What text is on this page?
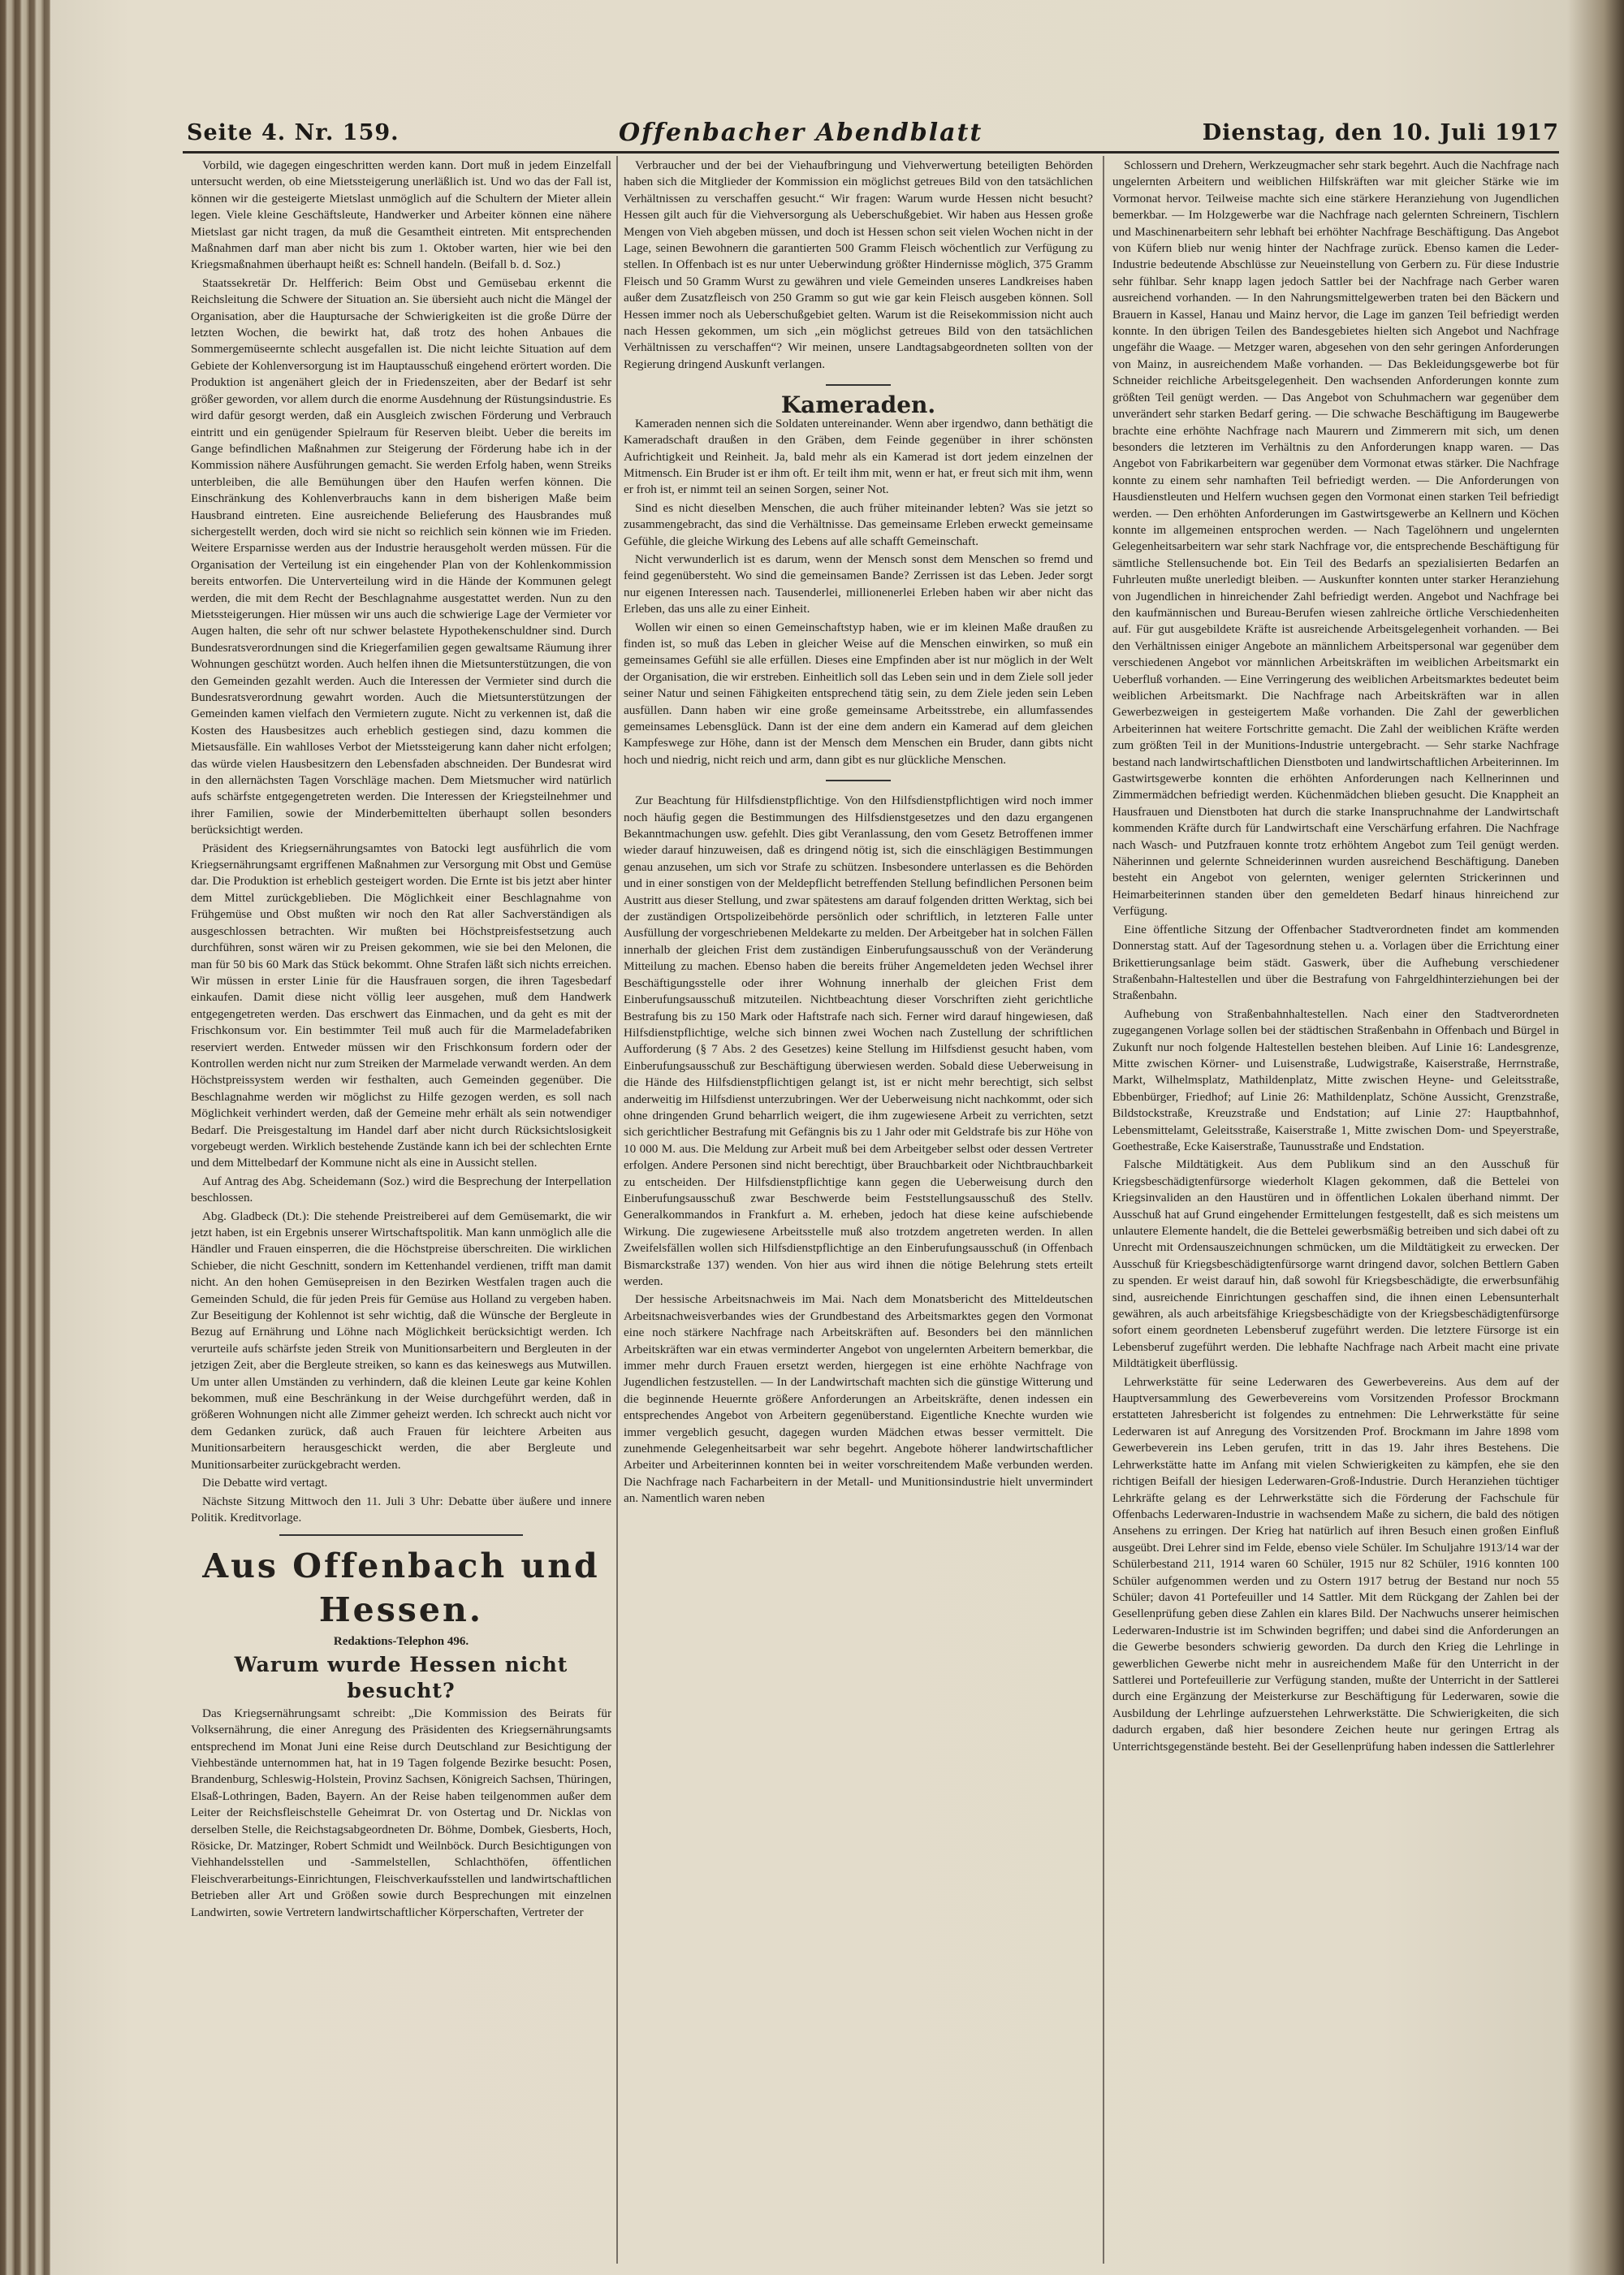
Seite 4. Nr. 159.	Offenbacher Abendblatt	Dienstag, den 10. Juli 1917

Vorbild, wie dagegen eingeschritten werden kann. Dort muß in jedem Einzelfall untersucht werden, ob eine Mietssteigerung unerläßlich ist. Und wo das der Fall ist, können wir die gesteigerte Mietslast unmöglich auf die Schultern der Mieter allein legen. Viele kleine Geschäftsleute, Handwerker und Arbeiter können eine nähere Mietslast gar nicht tragen, da muß die Gesamtheit eintreten. Mit entsprechenden Maßnahmen darf man aber nicht bis zum 1. Oktober warten, hier wie bei den Kriegsmaßnahmen überhaupt heißt es: Schnell handeln. (Beifall b. d. Soz.)

Staatssekretär Dr. Helfferich: Beim Obst und Gemüsebau erkennt die Reichsleitung die Schwere der Situation an. Sie übersieht auch nicht die Mängel der Organisation, aber die Hauptursache der Schwierigkeiten ist die große Dürre der letzten Wochen, die bewirkt hat, daß trotz des hohen Anbaues die Sommergemüseernte schlecht ausgefallen ist. Die nicht leichte Situation auf dem Gebiete der Kohlenversorgung ist im Hauptausschuß eingehend erörtert worden. Die Produktion ist angenähert gleich der in Friedenszeiten, aber der Bedarf ist sehr größer geworden, vor allem durch die enorme Ausdehnung der Rüstungsindustrie. Es wird dafür gesorgt werden, daß ein Ausgleich zwischen Förderung und Verbrauch eintritt und ein genügender Spielraum für Reserven bleibt. Ueber die bereits im Gange befindlichen Maßnahmen zur Steigerung der Förderung habe ich in der Kommission nähere Ausführungen gemacht. Sie werden Erfolg haben, wenn Streiks unterbleiben, die alle Bemühungen über den Haufen werfen können. Die Einschränkung des Kohlenverbrauchs kann in dem bisherigen Maße beim Hausbrand eintreten. Eine ausreichende Belieferung des Hausbrandes muß sichergestellt werden, doch wird sie nicht so reichlich sein können wie im Frieden. Weitere Ersparnisse werden aus der Industrie herausgeholt werden müssen. Für die Organisation der Verteilung ist ein eingehender Plan von der Kohlenkommission bereits entworfen. Die Unterverteilung wird in die Hände der Kommunen gelegt werden, die mit dem Recht der Beschlagnahme ausgestattet werden. Nun zu den Mietssteigerungen. Hier müssen wir uns auch die schwierige Lage der Vermieter vor Augen halten, die sehr oft nur schwer belastete Hypothekenschuldner sind. Durch Bundesratsverordnungen sind die Kriegerfamilien gegen gewaltsame Räumung ihrer Wohnungen geschützt worden. Auch helfen ihnen die Mietsunterstützungen, die von den Gemeinden gezahlt werden. Auch die Interessen der Vermieter sind durch die Bundesratsverordnung gewahrt worden. Auch die Mietsunterstützungen der Gemeinden kamen vielfach den Vermietern zugute. Nicht zu verkennen ist, daß die Kosten des Hausbesitzes auch erheblich gestiegen sind, dazu kommen die Mietsausfälle. Ein wahlloses Verbot der Mietssteigerung kann daher nicht erfolgen; das würde vielen Hausbesitzern den Lebensfaden abschneiden. Der Bundesrat wird in den allernächsten Tagen Vorschläge machen. Dem Mietsmucher wird natürlich aufs schärfste entgegengetreten werden. Die Interessen der Kriegsteilnehmer und ihrer Familien, sowie der Minderbemittelten überhaupt sollen besonders berücksichtigt werden.

Präsident des Kriegsernährungsamtes von Batocki legt ausführlich die vom Kriegsernährungsamt ergriffenen Maßnahmen zur Versorgung mit Obst und Gemüse dar. Die Produktion ist erheblich gesteigert worden. Die Ernte ist bis jetzt aber hinter dem Mittel zurückgeblieben. Die Möglichkeit einer Beschlagnahme von Frühgemüse und Obst mußten wir noch den Rat aller Sachverständigen als ausgeschlossen betrachten. Wir mußten bei Höchstpreisfestsetzung auch durchführen, sonst wären wir zu Preisen gekommen, wie sie bei den Melonen, die man für 50 bis 60 Mark das Stück bekommt. Ohne Strafen läßt sich nichts erreichen. Wir müssen in erster Linie für die Hausfrauen sorgen, die ihren Tagesbedarf einkaufen. Damit diese nicht völlig leer ausgehen, muß dem Handwerk entgegengetreten werden. Das erschwert das Einmachen, und da geht es mit der Frischkonsum vor. Ein bestimmter Teil muß auch für die Marmeladefabriken reserviert werden. Entweder müssen wir den Frischkonsum fordern oder der Kontrollen werden nicht nur zum Streiken der Marmelade verwandt werden. An dem Höchstpreissystem werden wir festhalten, auch Gemeinden gegenüber. Die Beschlagnahme werden wir möglichst zu Hilfe gezogen werden, es soll nach Möglichkeit verhindert werden, daß der Gemeine mehr erhält als sein notwendiger Bedarf. Die Preisgestaltung im Handel darf aber nicht durch Rücksichtslosigkeit vorgebeugt werden. Wirklich bestehende Zustände kann ich bei der schlechten Ernte und dem Mittelbedarf der Kommune nicht als eine in Aussicht stellen.

Auf Antrag des Abg. Scheidemann (Soz.) wird die Besprechung der Interpellation beschlossen.

Abg. Gladbeck (Dt.): Die stehende Preistreiberei auf dem Gemüsemarkt, die wir jetzt haben, ist ein Ergebnis unserer Wirtschaftspolitik. Man kann unmöglich alle die Händler und Frauen einsperren, die die Höchstpreise überschreiten. Die wirklichen Schieber, die nicht Geschnitt, sondern im Kettenhandel verdienen, trifft man damit nicht. An den hohen Gemüsepreisen in den Bezirken Westfalen tragen auch die Gemeinden Schuld, die für jeden Preis für Gemüse aus Holland zu vergeben haben. Zur Beseitigung der Kohlennot ist sehr wichtig, daß die Wünsche der Bergleute in Bezug auf Ernährung und Löhne nach Möglichkeit berücksichtigt werden. Ich verurteile aufs schärfste jeden Streik von Munitionsarbeitern und Bergleuten in der jetzigen Zeit, aber die Bergleute streiken, so kann es das keineswegs aus Mutwillen. Um unter allen Umständen zu verhindern, daß die kleinen Leute gar keine Kohlen bekommen, muß eine Beschränkung in der Weise durchgeführt werden, daß in größeren Wohnungen nicht alle Zimmer geheizt werden. Ich schreckt auch nicht vor dem Gedanken zurück, daß auch Frauen für leichtere Arbeiten aus Munitionsarbeitern herausgeschickt werden, die aber Bergleute und Munitionsarbeiter zurückgebracht werden.

Die Debatte wird vertagt.

Nächste Sitzung Mittwoch den 11. Juli 3 Uhr: Debatte über äußere und innere Politik. Kreditvorlage.

Aus Offenbach und Hessen.

Redaktions-Telephon 496.

Warum wurde Hessen nicht besucht?

Das Kriegsernährungsamt schreibt: „Die Kommission des Beirats für Volksernährung, die einer Anregung des Präsidenten des Kriegsernährungsamts entsprechend im Monat Juni eine Reise durch Deutschland zur Besichtigung der Viehbestände unternommen hat, hat in 19 Tagen folgende Bezirke besucht: Posen, Brandenburg, Schleswig-Holstein, Provinz Sachsen, Königreich Sachsen, Thüringen, Elsaß-Lothringen, Baden, Bayern. An der Reise haben teilgenommen außer dem Leiter der Reichsfleischstelle Geheimrat Dr. von Ostertag und Dr. Nicklas von derselben Stelle, die Reichstagsabgeordneten Dr. Böhme, Dombek, Giesberts, Hoch, Rösicke, Dr. Matzinger, Robert Schmidt und Weilnböck. Durch Besichtigungen von Viehhandelsstellen und -Sammelstellen, Schlachthöfen, öffentlichen Fleischverarbeitungs-Einrichtungen, Fleischverkaufsstellen und landwirtschaftlichen Betrieben aller Art und Größen sowie durch Besprechungen mit einzelnen Landwirten, sowie Vertretern landwirtschaftlicher Körperschaften, Vertreter der

Verbraucher und der bei der Viehaufbringung und Viehverwertung beteiligten Behörden haben sich die Mitglieder der Kommission ein möglichst getreues Bild von den tatsächlichen Verhältnissen zu verschaffen gesucht.“ Wir fragen: Warum wurde Hessen nicht besucht? Hessen gilt auch für die Viehversorgung als Ueberschußgebiet. Wir haben aus Hessen große Mengen von Vieh abgeben müssen, und doch ist Hessen schon seit vielen Wochen nicht in der Lage, seinen Bewohnern die garantierten 500 Gramm Fleisch wöchentlich zur Verfügung zu stellen. In Offenbach ist es nur unter Ueberwindung größter Hindernisse möglich, 375 Gramm Fleisch und 50 Gramm Wurst zu gewähren und viele Gemeinden unseres Landkreises haben außer dem Zusatzfleisch von 250 Gramm so gut wie gar kein Fleisch ausgeben können. Soll Hessen immer noch als Ueberschußgebiet gelten. Warum ist die Reisekommission nicht auch nach Hessen gekommen, um sich „ein möglichst getreues Bild von den tatsächlichen Verhältnissen zu verschaffen“? Wir meinen, unsere Landtagsabgeordneten sollten von der Regierung dringend Auskunft verlangen.

Kameraden.

Kameraden nennen sich die Soldaten untereinander. Wenn aber irgendwo, dann bethätigt die Kameradschaft draußen in den Gräben, dem Feinde gegenüber in ihrer schönsten Aufrichtigkeit und Reinheit. Ja, bald mehr als ein Kamerad ist dort jedem einzelnen der Mitmensch. Ein Bruder ist er ihm oft. Er teilt ihm mit, wenn er hat, er freut sich mit ihm, wenn er froh ist, er nimmt teil an seinen Sorgen, seiner Not.

Sind es nicht dieselben Menschen, die auch früher miteinander lebten? Was sie jetzt so zusammengebracht, das sind die Verhältnisse. Das gemeinsame Erleben erweckt gemeinsame Gefühle, die gleiche Wirkung des Lebens auf alle schafft Gemeinschaft.

Nicht verwunderlich ist es darum, wenn der Mensch sonst dem Menschen so fremd und feind gegenübersteht. Wo sind die gemeinsamen Bande? Zerrissen ist das Leben. Jeder sorgt nur eigenen Interessen nach. Tausenderlei, millionenerlei Erleben haben wir aber nicht das Erleben, das uns alle zu einer Einheit.

Wollen wir einen so einen Gemeinschaftstyp haben, wie er im kleinen Maße draußen zu finden ist, so muß das Leben in gleicher Weise auf die Menschen einwirken, so muß ein gemeinsames Gefühl sie alle erfüllen. Dieses eine Empfinden aber ist nur möglich in der Welt der Organisation, die wir erstreben. Einheitlich soll das Leben sein und in dem Ziele soll jeder seiner Natur und seinen Fähigkeiten entsprechend tätig sein, zu dem Ziele jeden sein Leben ausfüllen. Dann haben wir eine große gemeinsame Arbeitsstrebe, ein allumfassendes gemeinsames Lebensglück. Dann ist der eine dem andern ein Kamerad auf dem gleichen Kampfeswege zur Höhe, dann ist der Mensch dem Menschen ein Bruder, dann gibts nicht hoch und niedrig, nicht reich und arm, dann gibt es nur glückliche Menschen.

Zur Beachtung für Hilfsdienstpflichtige. Von den Hilfsdienstpflichtigen wird noch immer noch häufig gegen die Bestimmungen des Hilfsdienstgesetzes und den dazu ergangenen Bekanntmachungen usw. gefehlt. Dies gibt Veranlassung, den vom Gesetz Betroffenen immer wieder darauf hinzuweisen, daß es dringend nötig ist, sich die einschlägigen Bestimmungen genau anzusehen, um sich vor Strafe zu schützen. Insbesondere unterlassen es die Behörden und in einer sonstigen von der Meldepflicht betreffenden Stellung befindlichen Personen beim Austritt aus dieser Stellung, und zwar spätestens am darauf folgenden dritten Werktag, sich bei der zuständigen Ortspolizeibehörde persönlich oder schriftlich, in letzteren Falle unter Ausfüllung der vorgeschriebenen Meldekarte zu melden. Der Arbeitgeber hat in solchen Fällen innerhalb der gleichen Frist dem zuständigen Einberufungsausschuß von der Veränderung Mitteilung zu machen. Ebenso haben die bereits früher Angemeldeten jeden Wechsel ihrer Beschäftigungsstelle oder ihrer Wohnung innerhalb der gleichen Frist dem Einberufungsausschuß mitzuteilen. Nichtbeachtung dieser Vorschriften zieht gerichtliche Bestrafung bis zu 150 Mark oder Haftstrafe nach sich. Ferner wird darauf hingewiesen, daß Hilfsdienstpflichtige, welche sich binnen zwei Wochen nach Zustellung der schriftlichen Aufforderung (§ 7 Abs. 2 des Gesetzes) keine Stellung im Hilfsdienst gesucht haben, vom Einberufungsausschuß zur Beschäftigung überwiesen werden. Sobald diese Ueberweisung in die Hände des Hilfsdienstpflichtigen gelangt ist, ist er nicht mehr berechtigt, sich selbst anderweitig im Hilfsdienst unterzubringen. Wer der Ueberweisung nicht nachkommt, oder sich ohne dringenden Grund beharrlich weigert, die ihm zugewiesene Arbeit zu verrichten, setzt sich gerichtlicher Bestrafung mit Gefängnis bis zu 1 Jahr oder mit Geldstrafe bis zur Höhe von 10 000 M. aus. Die Meldung zur Arbeit muß bei dem Arbeitgeber selbst oder dessen Vertreter erfolgen. Andere Personen sind nicht berechtigt, über Brauchbarkeit oder Nichtbrauchbarkeit zu entscheiden. Der Hilfsdienstpflichtige kann gegen die Ueberweisung durch den Einberufungsausschuß zwar Beschwerde beim Feststellungsausschuß des Stellv. Generalkommandos in Frankfurt a. M. erheben, jedoch hat diese keine aufschiebende Wirkung. Die zugewiesene Arbeitsstelle muß also trotzdem angetreten werden. In allen Zweifelsfällen wollen sich Hilfsdienstpflichtige an den Einberufungsausschuß (in Offenbach Bismarckstraße 137) wenden. Von hier aus wird ihnen die nötige Belehrung stets erteilt werden.

Der hessische Arbeitsnachweis im Mai. Nach dem Monatsbericht des Mitteldeutschen Arbeitsnachweisverbandes wies der Grundbestand des Arbeitsmarktes gegen den Vormonat eine noch stärkere Nachfrage nach Arbeitskräften auf. Besonders bei den männlichen Arbeitskräften war ein etwas verminderter Angebot von ungelernten Arbeitern bemerkbar, die immer mehr durch Frauen ersetzt werden, hiergegen ist eine erhöhte Nachfrage von Jugendlichen festzustellen. — In der Landwirtschaft machten sich die günstige Witterung und die beginnende Heuernte größere Anforderungen an Arbeitskräfte, denen indessen ein entsprechendes Angebot von Arbeitern gegenüberstand. Eigentliche Knechte wurden wie immer vergeblich gesucht, dagegen wurden Mädchen etwas besser vermittelt. Die zunehmende Gelegenheitsarbeit war sehr begehrt. Angebote höherer landwirtschaftlicher Arbeiter und Arbeiterinnen konnten bei in weiter vorschreitendem Maße verbunden werden. Die Nachfrage nach Facharbeitern in der Metall- und Munitionsindustrie hielt unvermindert an. Namentlich waren neben

Schlossern und Drehern, Werkzeugmacher sehr stark begehrt. Auch die Nachfrage nach ungelernten Arbeitern und weiblichen Hilfskräften war mit gleicher Stärke wie im Vormonat hervor. Teilweise machte sich eine stärkere Heranziehung von Jugendlichen bemerkbar. — Im Holzgewerbe war die Nachfrage nach gelernten Schreinern, Tischlern und Maschinenarbeitern sehr lebhaft bei erhöhter Nachfrage Beschäftigung. Das Angebot von Küfern blieb nur wenig hinter der Nachfrage zurück. Ebenso kamen die Leder-Industrie bedeutende Abschlüsse zur Neueinstellung von Gerbern zu. Für diese Industrie sehr fühlbar. Sehr knapp lagen jedoch Sattler bei der Nachfrage nach Gerber waren ausreichend vorhanden. — In den Nahrungsmittelgewerben traten bei den Bäckern und Brauern in Kassel, Hanau und Mainz hervor, die Lage im ganzen Teil befriedigt werden konnte. In den übrigen Teilen des Bandesgebietes hielten sich Angebot und Nachfrage ungefähr die Waage. — Metzger waren, abgesehen von den sehr geringen Anforderungen von Mainz, in ausreichendem Maße vorhanden. — Das Bekleidungsgewerbe bot für Schneider reichliche Arbeitsgelegenheit. Den wachsenden Anforderungen konnte zum größten Teil genügt werden. — Das Angebot von Schuhmachern war gegenüber dem unverändert sehr starken Bedarf gering. — Die schwache Beschäftigung im Baugewerbe brachte eine erhöhte Nachfrage nach Maurern und Zimmerern mit sich, um denen besonders die letzteren im Verhältnis zu den Anforderungen knapp waren. — Das Angebot von Fabrikarbeitern war gegenüber dem Vormonat etwas stärker. Die Nachfrage konnte zu einem sehr namhaften Teil befriedigt werden. — Die Anforderungen von Hausdienstleuten und Helfern wuchsen gegen den Vormonat einen starken Teil befriedigt werden. — Den erhöhten Anforderungen im Gastwirtsgewerbe an Kellnern und Köchen konnte im allgemeinen entsprochen werden. — Nach Tagelöhnern und ungelernten Gelegenheitsarbeitern war sehr stark Nachfrage vor, die entsprechende Beschäftigung für sämtliche Stellensuchende bot. Ein Teil des Bedarfs an spezialisierten Bedarfen an Fuhrleuten mußte unerledigt bleiben. — Auskunfter konnten unter starker Heranziehung von Jugendlichen in hinreichender Zahl befriedigt werden. Angebot und Nachfrage bei den kaufmännischen und Bureau-Berufen wiesen zahlreiche örtliche Verschiedenheiten auf. Für gut ausgebildete Kräfte ist ausreichende Arbeitsgelegenheit vorhanden. — Bei den Verhältnissen einiger Angebote an männlichem Arbeitspersonal war gegenüber dem verschiedenen Angebot vor männlichen Arbeitskräften im weiblichen Arbeitsmarkt ein Ueberfluß vorhanden. — Eine Verringerung des weiblichen Arbeitsmarktes bedeutet beim weiblichen Arbeitsmarkt. Die Nachfrage nach Arbeitskräften war in allen Gewerbezweigen in gesteigertem Maße vorhanden. Die Zahl der gewerblichen Arbeiterinnen hat weitere Fortschritte gemacht. Die Zahl der weiblichen Kräfte werden zum größten Teil in der Munitions-Industrie untergebracht. — Sehr starke Nachfrage bestand nach landwirtschaftlichen Dienstboten und landwirtschaftlichen Arbeiterinnen. Im Gastwirtsgewerbe konnten die erhöhten Anforderungen nach Kellnerinnen und Zimmermädchen befriedigt werden. Küchenmädchen blieben gesucht. Die Knappheit an Hausfrauen und Dienstboten hat durch die starke Inanspruchnahme der Landwirtschaft kommenden Kräfte durch für Landwirtschaft eine Verschärfung erfahren. Die Nachfrage nach Wasch- und Putzfrauen konnte trotz erhöhtem Angebot zum Teil genügt werden. Näherinnen und gelernte Schneiderinnen wurden ausreichend Beschäftigung. Daneben besteht ein Angebot von gelernten, weniger gelernten Strickerinnen und Heimarbeiterinnen standen über den gemeldeten Bedarf hinaus hinreichend zur Verfügung.

Eine öffentliche Sitzung der Offenbacher Stadtverordneten findet am kommenden Donnerstag statt. Auf der Tagesordnung stehen u. a. Vorlagen über die Errichtung einer Brikettierungsanlage beim städt. Gaswerk, über die Aufhebung verschiedener Straßenbahn-Haltestellen und über die Bestrafung von Fahrgeldhinterziehungen bei der Straßenbahn.

Aufhebung von Straßenbahnhaltestellen. Nach einer den Stadtverordneten zugegangenen Vorlage sollen bei der städtischen Straßenbahn in Offenbach und Bürgel in Zukunft nur noch folgende Haltestellen bestehen bleiben. Auf Linie 16: Landesgrenze, Mitte zwischen Körner- und Luisenstraße, Ludwigstraße, Kaiserstraße, Herrnstraße, Markt, Wilhelmsplatz, Mathildenplatz, Mitte zwischen Heyne- und Geleitsstraße, Ebbenbürger, Friedhof; auf Linie 26: Mathildenplatz, Schöne Aussicht, Grenzstraße, Bildstockstraße, Kreuzstraße und Endstation; auf Linie 27: Hauptbahnhof, Lebensmittelamt, Geleitsstraße, Kaiserstraße 1, Mitte zwischen Dom- und Speyerstraße, Goethestraße, Ecke Kaiserstraße, Taunusstraße und Endstation.

Falsche Mildtätigkeit. Aus dem Publikum sind an den Ausschuß für Kriegsbeschädigtenfürsorge wiederholt Klagen gekommen, daß die Bettelei von Kriegsinvaliden an den Haustüren und in öffentlichen Lokalen überhand nimmt. Der Ausschuß hat auf Grund eingehender Ermittelungen festgestellt, daß es sich meistens um unlautere Elemente handelt, die die Bettelei gewerbsmäßig betreiben und sich dabei oft zu Unrecht mit Ordensauszeichnungen schmücken, um die Mildtätigkeit zu erwecken. Der Ausschuß für Kriegsbeschädigtenfürsorge warnt dringend davor, solchen Bettlern Gaben zu spenden. Er weist darauf hin, daß sowohl für Kriegsbeschädigte, die erwerbsunfähig sind, ausreichende Einrichtungen geschaffen sind, die ihnen einen Lebensunterhalt gewähren, als auch arbeitsfähige Kriegsbeschädigte von der Kriegsbeschädigtenfürsorge sofort einem geordneten Lebensberuf zugeführt werden. Die letztere Fürsorge ist ein Lebensberuf zugeführt werden. Die lebhafte Nachfrage nach Arbeit macht eine private Mildtätigkeit überflüssig.

Lehrwerkstätte für seine Lederwaren des Gewerbevereins. Aus dem auf der Hauptversammlung des Gewerbevereins vom Vorsitzenden Professor Brockmann erstatteten Jahresbericht ist folgendes zu entnehmen: Die Lehrwerkstätte für seine Lederwaren ist auf Anregung des Vorsitzenden Prof. Brockmann im Jahre 1898 vom Gewerbeverein ins Leben gerufen, tritt in das 19. Jahr ihres Bestehens. Die Lehrwerkstätte hatte im Anfang mit vielen Schwierigkeiten zu kämpfen, ehe sie den richtigen Beifall der hiesigen Lederwaren-Groß-Industrie. Durch Heranziehen tüchtiger Lehrkräfte gelang es der Lehrwerkstätte sich die Förderung der Fachschule für Offenbachs Lederwaren-Industrie in wachsendem Maße zu sichern, die bald des nötigen Ansehens zu erringen. Der Krieg hat natürlich auf ihren Besuch einen großen Einfluß ausgeübt. Drei Lehrer sind im Felde, ebenso viele Schüler. Im Schuljahre 1913/14 war der Schülerbestand 211, 1914 waren 60 Schüler, 1915 nur 82 Schüler, 1916 konnten 100 Schüler aufgenommen werden und zu Ostern 1917 betrug der Bestand nur noch 55 Schüler; davon 41 Portefeuiller und 14 Sattler. Mit dem Rückgang der Zahlen bei der Gesellenprüfung geben diese Zahlen ein klares Bild. Der Nachwuchs unserer heimischen Lederwaren-Industrie ist im Schwinden begriffen; und dabei sind die Anforderungen an die Gewerbe besonders schwierig geworden. Da durch den Krieg die Lehrlinge in gewerblichen Gewerbe nicht mehr in ausreichendem Maße für den Unterricht in der Sattlerei und Portefeuillerie zur Verfügung standen, mußte der Unterricht in der Sattlerei durch eine Ergänzung der Meisterkurse zur Beschäftigung für Lederwaren, sowie die Ausbildung der Lehrlinge aufzuerstehen Lehrwerkstätte. Die Schwierigkeiten, die sich dadurch ergaben, daß hier besondere Zeichen heute nur geringen Ertrag als Unterrichtsgegenstände besteht. Bei der Gesellenprüfung haben indessen die Sattlerlehrer
